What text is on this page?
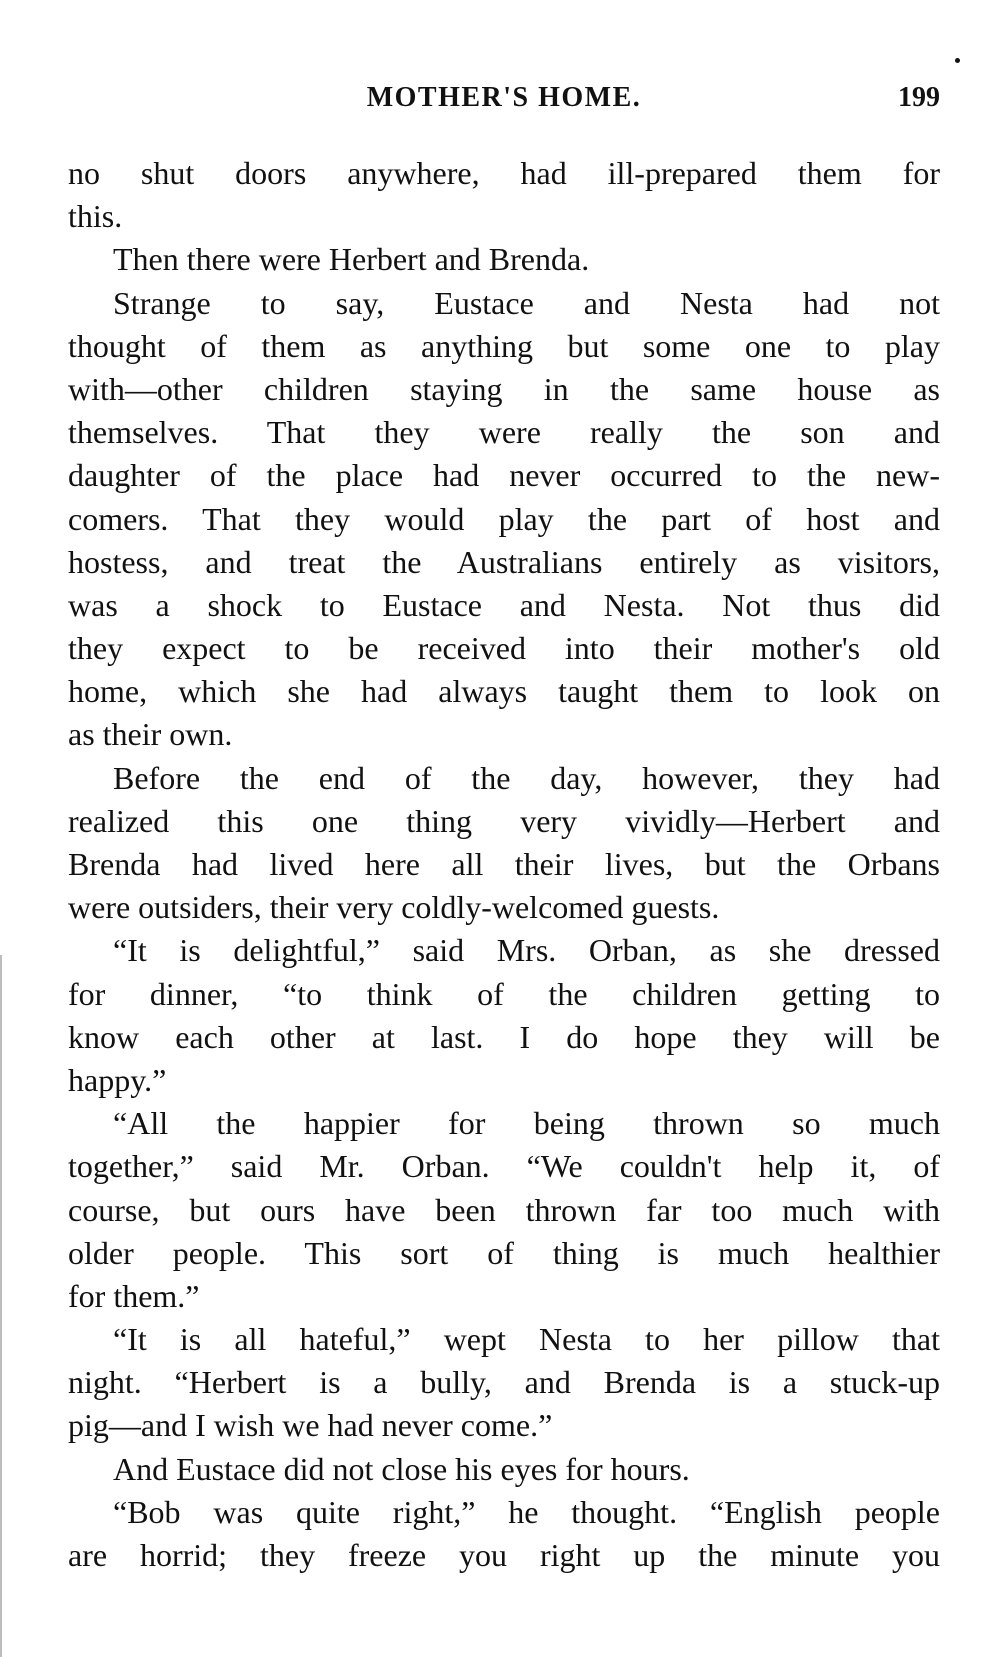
MOTHER'S HOME.	199
no shut doors anywhere, had ill-prepared them for
this.
Then there were Herbert and Brenda.
Strange to say, Eustace and Nesta had not
thought of them as anything but some one to play
with—other children staying in the same house as
themselves. That they were really the son and
daughter of the place had never occurred to the new-
comers. That they would play the part of host and
hostess, and treat the Australians entirely as visitors,
was a shock to Eustace and Nesta. Not thus did
they expect to be received into their mother's old
home, which she had always taught them to look on
as their own.
Before the end of the day, however, they had
realized this one thing very vividly—Herbert and
Brenda had lived here all their lives, but the Orbans
were outsiders, their very coldly-welcomed guests.
“It is delightful,” said Mrs. Orban, as she dressed
for dinner, “to think of the children getting to
know each other at last. I do hope they will be
happy.”
“All the happier for being thrown so much
together,” said Mr. Orban. “We couldn't help it, of
course, but ours have been thrown far too much with
older people. This sort of thing is much healthier
for them.”
“It is all hateful,” wept Nesta to her pillow that
night. “Herbert is a bully, and Brenda is a stuck-up
pig—and I wish we had never come.”
And Eustace did not close his eyes for hours.
“Bob was quite right,” he thought. “English people
are horrid; they freeze you right up the minute you
